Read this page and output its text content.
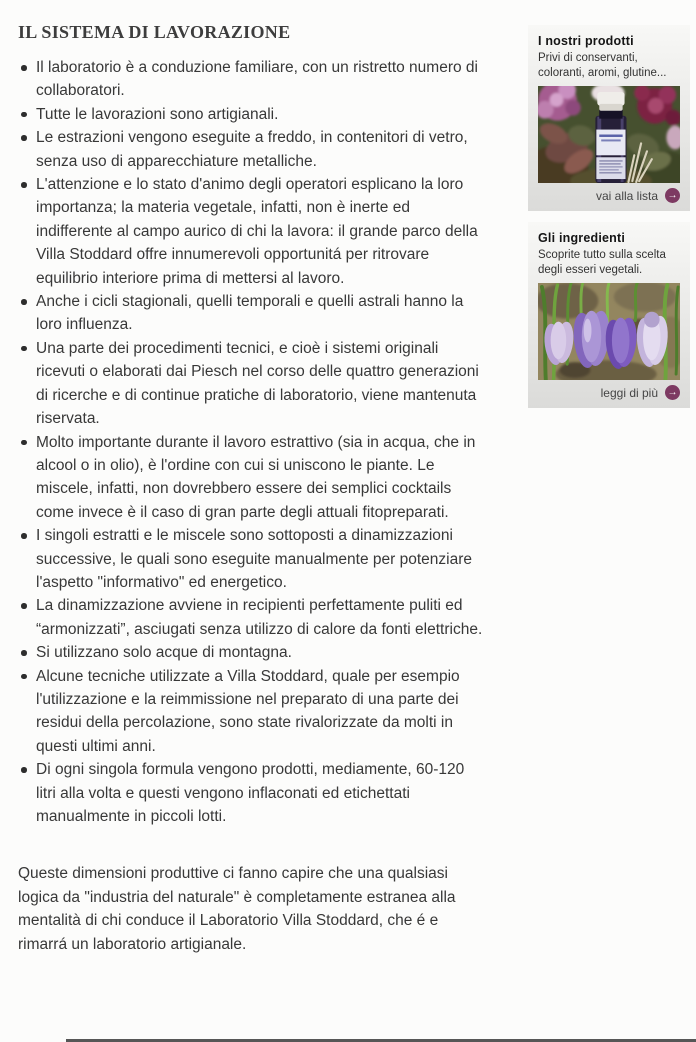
IL SISTEMA DI LAVORAZIONE
Il laboratorio è a conduzione familiare, con un ristretto numero di collaboratori.
Tutte le lavorazioni sono artigianali.
Le estrazioni vengono eseguite a freddo, in contenitori di vetro, senza uso di apparecchiature metalliche.
L'attenzione e lo stato d'animo degli operatori esplicano la loro importanza; la materia vegetale, infatti, non è inerte ed indifferente al campo aurico di chi la lavora: il grande parco della Villa Stoddard offre innumerevoli opportunitá per ritrovare equilibrio interiore prima di mettersi al lavoro.
Anche i cicli stagionali, quelli temporali e quelli astrali hanno la loro influenza.
Una parte dei procedimenti tecnici, e cioè i sistemi originali ricevuti o elaborati dai Piesch nel corso delle quattro generazioni di ricerche e di continue pratiche di laboratorio, viene mantenuta riservata.
Molto importante durante il lavoro estrattivo (sia in acqua, che in alcool o in olio), è l'ordine con cui si uniscono le piante. Le miscele, infatti, non dovrebbero essere dei semplici cocktails come invece è il caso di gran parte degli attuali fitopreparati.
I singoli estratti e le miscele sono sottoposti a dinamizzazioni successive, le quali sono eseguite manualmente per potenziare l'aspetto "informativo" ed energetico.
La dinamizzazione avviene in recipienti perfettamente puliti ed “armonizzati”, asciugati senza utilizzo di calore da fonti elettriche.
Si utilizzano solo acque di montagna.
Alcune tecniche utilizzate a Villa Stoddard, quale per esempio l'utilizzazione e la reimmissione nel preparato di una parte dei residui della percolazione, sono state rivalorizzate da molti in questi ultimi anni.
Di ogni singola formula vengono prodotti, mediamente, 60-120 litri alla volta e questi vengono inflaconati ed etichettati manualmente in piccoli lotti.

Queste dimensioni produttive ci fanno capire che una qualsiasi logica da "industria del naturale" è completamente estranea alla mentalità di chi conduce il Laboratorio Villa Stoddard, che é e rimarrá un laboratorio artigianale.

I nostri prodotti

Privi di conservanti, coloranti, aromi, glutine...

vai alla lista
→
Gli ingredienti

Scoprite tutto sulla scelta degli esseri vegetali.

leggi di più
→
